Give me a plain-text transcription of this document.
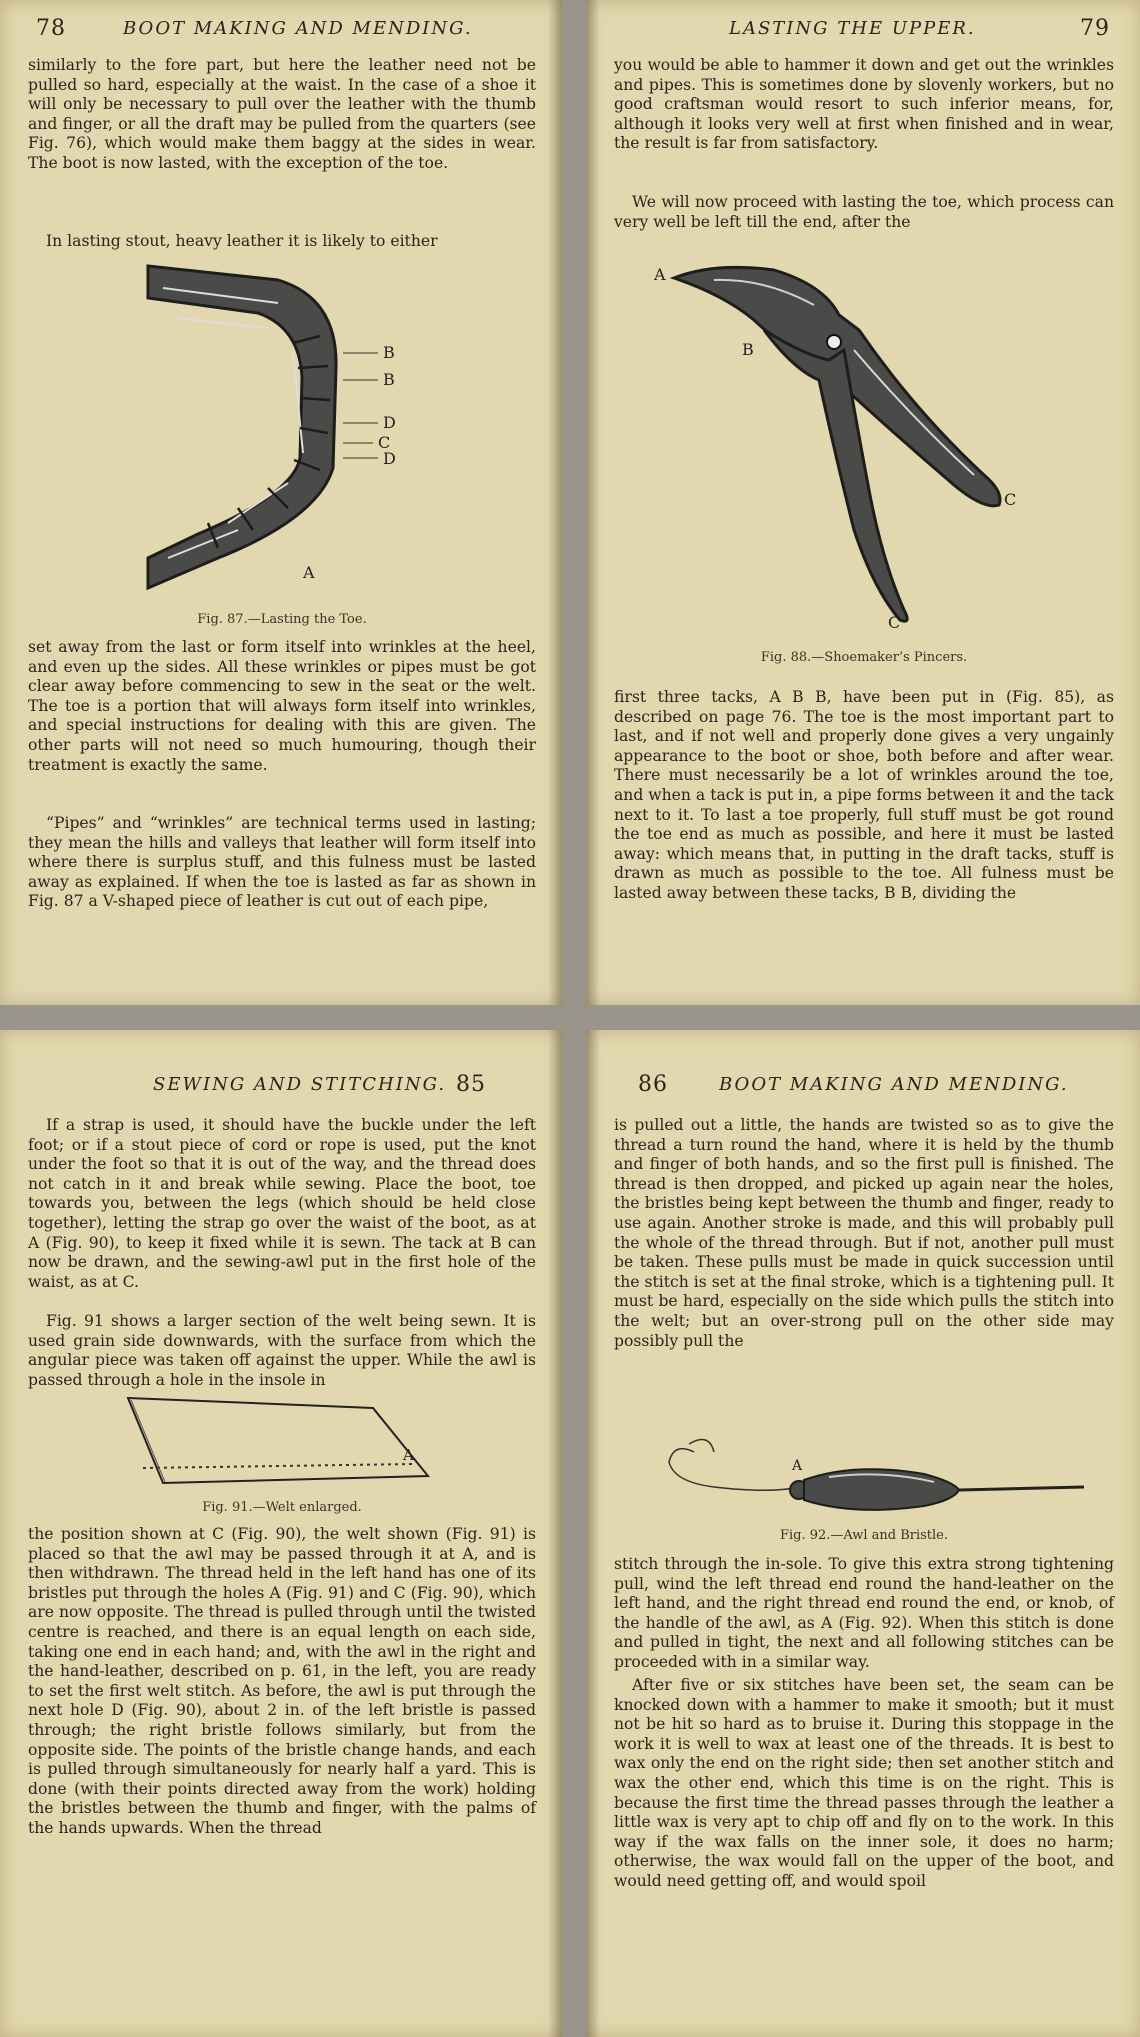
78	BOOT MAKING AND MENDING.

similarly to the fore part, but here the leather need not be pulled so hard, especially at the waist. In the case of a shoe it will only be necessary to pull over the leather with the thumb and finger, or all the draft may be pulled from the quarters (see Fig. 76), which would make them baggy at the sides in wear. The boot is now lasted, with the exception of the toe.

In lasting stout, heavy leather it is likely to either

B
B
D
C
D
A
Fig. 87.—Lasting the Toe.

set away from the last or form itself into wrinkles at the heel, and even up the sides. All these wrinkles or pipes must be got clear away before commencing to sew in the seat or the welt. The toe is a portion that will always form itself into wrinkles, and special instructions for dealing with this are given. The other parts will not need so much humouring, though their treatment is exactly the same.

“Pipes” and “wrinkles” are technical terms used in lasting; they mean the hills and valleys that leather will form itself into where there is surplus stuff, and this fulness must be lasted away as explained. If when the toe is lasted as far as shown in Fig. 87 a V-shaped piece of leather is cut out of each pipe,

LASTING THE UPPER.	79

you would be able to hammer it down and get out the wrinkles and pipes. This is sometimes done by slovenly workers, but no good craftsman would resort to such inferior means, for, although it looks very well at first when finished and in wear, the result is far from satisfactory.

We will now proceed with lasting the toe, which process can very well be left till the end, after the

A
B
C
C
Fig. 88.—Shoemaker’s Pincers.

first three tacks, A B B, have been put in (Fig. 85), as described on page 76. The toe is the most important part to last, and if not well and properly done gives a very ungainly appearance to the boot or shoe, both before and after wear. There must necessarily be a lot of wrinkles around the toe, and when a tack is put in, a pipe forms between it and the tack next to it. To last a toe properly, full stuff must be got round the toe end as much as possible, and here it must be lasted away: which means that, in putting in the draft tacks, stuff is drawn as much as possible to the toe. All fulness must be lasted away between these tacks, B B, dividing the

SEWING AND STITCHING. 85

If a strap is used, it should have the buckle under the left foot; or if a stout piece of cord or rope is used, put the knot under the foot so that it is out of the way, and the thread does not catch in it and break while sewing. Place the boot, toe towards you, between the legs (which should be held close together), letting the strap go over the waist of the boot, as at A (Fig. 90), to keep it fixed while it is sewn. The tack at B can now be drawn, and the sewing-awl put in the first hole of the waist, as at C.

Fig. 91 shows a larger section of the welt being sewn. It is used grain side downwards, with the surface from which the angular piece was taken off against the upper. While the awl is passed through a hole in the insole in

A
Fig. 91.—Welt enlarged.

the position shown at C (Fig. 90), the welt shown (Fig. 91) is placed so that the awl may be passed through it at A, and is then withdrawn. The thread held in the left hand has one of its bristles put through the holes A (Fig. 91) and C (Fig. 90), which are now opposite. The thread is pulled through until the twisted centre is reached, and there is an equal length on each side, taking one end in each hand; and, with the awl in the right and the hand-leather, described on p. 61, in the left, you are ready to set the first welt stitch. As before, the awl is put through the next hole D (Fig. 90), about 2 in. of the left bristle is passed through; the right bristle follows similarly, but from the opposite side. The points of the bristle change hands, and each is pulled through simultaneously for nearly half a yard. This is done (with their points directed away from the work) holding the bristles between the thumb and finger, with the palms of the hands upwards. When the thread

86	BOOT MAKING AND MENDING.

is pulled out a little, the hands are twisted so as to give the thread a turn round the hand, where it is held by the thumb and finger of both hands, and so the first pull is finished. The thread is then dropped, and picked up again near the holes, the bristles being kept between the thumb and finger, ready to use again. Another stroke is made, and this will probably pull the whole of the thread through. But if not, another pull must be taken. These pulls must be made in quick succession until the stitch is set at the final stroke, which is a tightening pull. It must be hard, especially on the side which pulls the stitch into the welt; but an over-strong pull on the other side may possibly pull the

A
Fig. 92.—Awl and Bristle.

stitch through the in-sole. To give this extra strong tightening pull, wind the left thread end round the hand-leather on the left hand, and the right thread end round the end, or knob, of the handle of the awl, as A (Fig. 92). When this stitch is done and pulled in tight, the next and all following stitches can be proceeded with in a similar way.

After five or six stitches have been set, the seam can be knocked down with a hammer to make it smooth; but it must not be hit so hard as to bruise it. During this stoppage in the work it is well to wax at least one of the threads. It is best to wax only the end on the right side; then set another stitch and wax the other end, which this time is on the right. This is because the first time the thread passes through the leather a little wax is very apt to chip off and fly on to the work. In this way if the wax falls on the inner sole, it does no harm; otherwise, the wax would fall on the upper of the boot, and would need getting off, and would spoil
